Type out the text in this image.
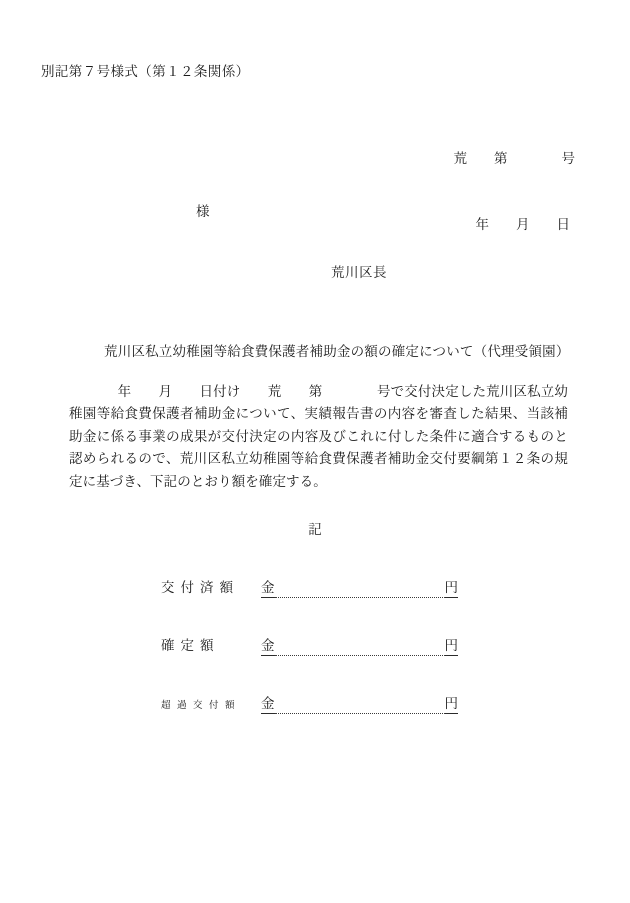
別記第７号様式（第１２条関係）

荒　　第　　　　号

年　　月　　日

様
荒川区長
荒川区私立幼稚園等給食費保護者補助金の額の確定について（代理受領園）
年　　月　　日付け　　荒　　第　　　　号で交付決定した荒川区私立幼稚園等給食費保護者補助金について、実績報告書の内容を審査した結果、当該補助金に係る事業の成果が交付決定の内容及びこれに付した条件に適合するものと認められるので、荒川区私立幼稚園等給食費保護者補助金交付要綱第１２条の規定に基づき、下記のとおり額を確定する。
記
交付済額	金	円
確定額	金	円
超過交付額	金	円
